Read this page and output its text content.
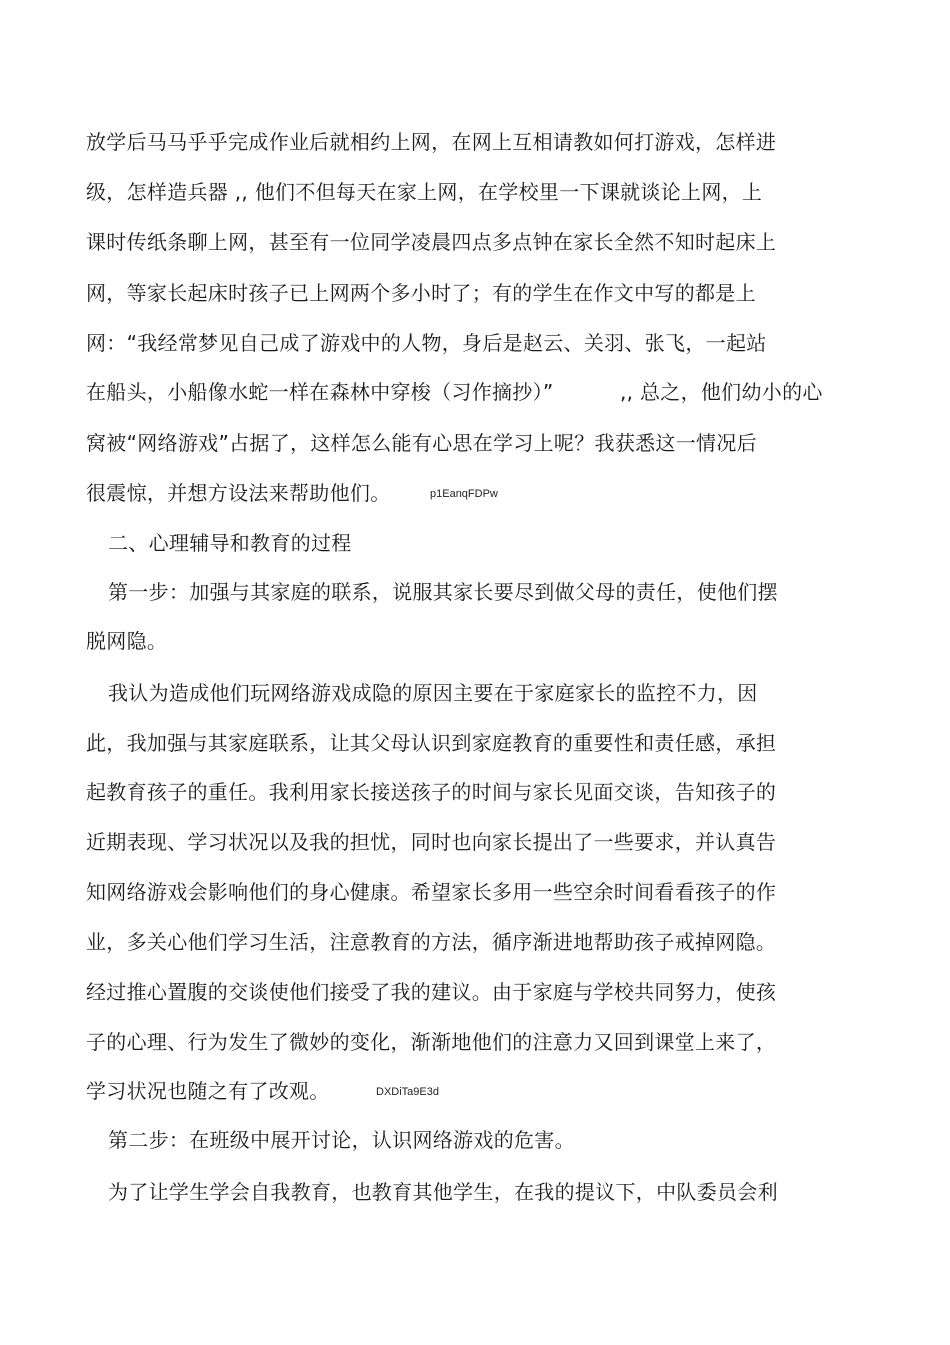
放学后马马乎乎完成作业后就相约上网，在网上互相请教如何打游戏，怎样进
级，怎样造兵器 ,, 他们不但每天在家上网，在学校里一下课就谈论上网，上
课时传纸条聊上网，甚至有一位同学凌晨四点多点钟在家长全然不知时起床上
网，等家长起床时孩子已上网两个多小时了；有的学生在作文中写的都是上
网：“我经常梦见自己成了游戏中的人物，身后是赵云、关羽、张飞，一起站
在船头，小船像水蛇一样在森林中穿梭（习作摘抄）”	,, 总之，他们幼小的心
窝被“网络游戏”占据了，这样怎么能有心思在学习上呢？我获悉这一情况后
很震惊，并想方设法来帮助他们。	p1EanqFDPw
二、心理辅导和教育的过程
第一步：加强与其家庭的联系，说服其家长要尽到做父母的责任，使他们摆
脱网隐。
我认为造成他们玩网络游戏成隐的原因主要在于家庭家长的监控不力，因
此，我加强与其家庭联系，让其父母认识到家庭教育的重要性和责任感，承担
起教育孩子的重任。我利用家长接送孩子的时间与家长见面交谈，告知孩子的
近期表现、学习状况以及我的担忧，同时也向家长提出了一些要求，并认真告
知网络游戏会影响他们的身心健康。希望家长多用一些空余时间看看孩子的作
业，多关心他们学习生活，注意教育的方法，循序渐进地帮助孩子戒掉网隐。
经过推心置腹的交谈使他们接受了我的建议。由于家庭与学校共同努力，使孩
子的心理、行为发生了微妙的变化，渐渐地他们的注意力又回到课堂上来了，
学习状况也随之有了改观。	DXDiTa9E3d
第二步：在班级中展开讨论，认识网络游戏的危害。
为了让学生学会自我教育，也教育其他学生，在我的提议下，中队委员会利
